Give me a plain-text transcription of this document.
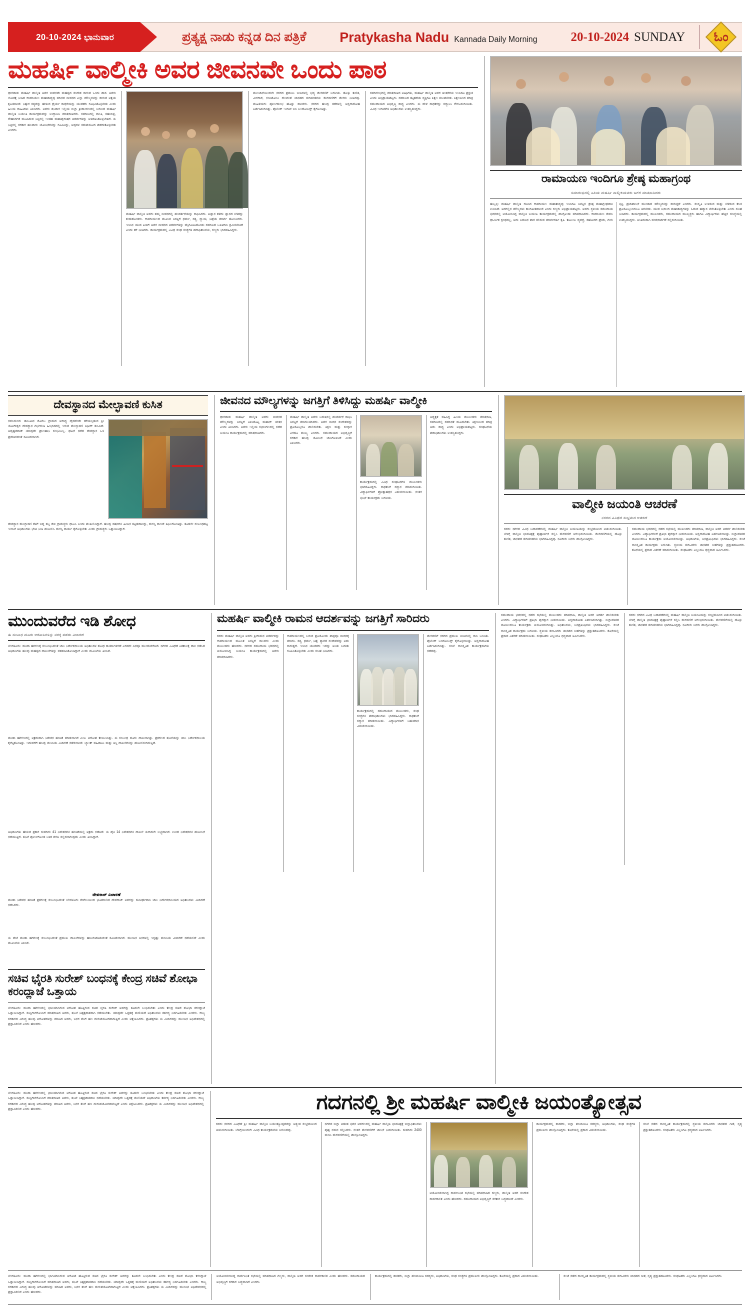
20-10-2024 ಭಾನುವಾರ	ಪ್ರತ್ಯಕ್ಷ ನಾಡು ಕನ್ನಡ ದಿನ ಪತ್ರಿಕೆ Pratykasha Nadu Kannada Daily Morning	20-10-2024 SUNDAY ಓಂ
ಮಹರ್ಷಿ ವಾಲ್ಮೀಕಿ ಅವರ ಜೀವನವೇ ಒಂದು ಪಾಠ
ಧಾರವಾಡ: ಮಹರ್ಷಿ ವಾಲ್ಮೀಕಿ ಅವರ ಜೀವನವೇ ಮಹತ್ವದ ಸಂದೇಶ ಸಾರುವ ಒಂದು ಪಾಠ. ಅವರು ಲೋಕಕ್ಕೆ ನೀಡಿದ ರಾಮಾಯಣ ಮಹಾಕಾವ್ಯವು ಮಾನವ ಜೀವನದ ಎಲ್ಲಾ ಮೌಲ್ಯಗಳನ್ನು ಸಾರುವ ಅಕ್ಷಯ ಕೃತಿಯಾಗಿದೆ. ನಿಷ್ಠುರ ಸತ್ಯವನ್ನು ಹೇಳುವ ಧೈರ್ಯ ಸಾಧನೆಯನ್ನು ಯುವಕರು ರೂಢಿಸಿಕೊಳ್ಳಬೇಕು ಎಂದು ಹಿರಿಯ ಸಾಹಿತಿಗಳು ತಿಳಿಸಿದರು. ಅವರು ಶನಿವಾರ ಇಲ್ಲಿಯ ಜಿಲ್ಲಾ ಕ್ರೀಡಾಂಗಣದಲ್ಲಿ ಜರುಗಿದ ಮಹರ್ಷಿ ವಾಲ್ಮೀಕಿ ಜಯಂತಿ ಕಾರ್ಯಕ್ರಮವನ್ನು ಉದ್ಘಾಟಿಸಿ ಮಾತನಾಡಿದರು. ಸಮಾಜದಲ್ಲಿ ಶಾಂತಿ, ಸಹಬಾಳ್ವೆ, ಸೌಹಾರ್ದತೆ ಮೂಡಿಸುವ ನಿಟ್ಟಿನಲ್ಲಿ ಇಂತಹ ಮಹಾಪುರುಷರ ಆದರ್ಶಗಳನ್ನು ಅಳವಡಿಸಿಕೊಳ್ಳಬೇಕಿದೆ. ಈ ನಿಟ್ಟಿನಲ್ಲಿ ಸರಕಾರ ಹಲವಾರು ಯೋಜನೆಗಳನ್ನು ರೂಪಿಸಿದ್ದು, ಅವುಗಳ ಸದುಪಯೋಗ ಪಡೆದುಕೊಳ್ಳಬೇಕು ಎಂದರು.
ಮಹರ್ಷಿ ವಾಲ್ಮೀಕಿ ಅವರು ತಮ್ಮ ಜೀವನದಲ್ಲಿ ಪರಿವರ್ತನೆಯನ್ನು ಸಾಧಿಸಿದರು. ಅಜ್ಞಾನ ಕಳೆದು ಜ್ಞಾನದ ಬೆಳಕನ್ನು ಕಂಡುಕೊಂಡರು. ರಾಮಾಯಣದ ಮೂಲಕ ಜಗತ್ತಿಗೆ ಧರ್ಮ, ಸತ್ಯ, ನ್ಯಾಯ, ನಿಷ್ಠೆಯ ಮಾರ್ಗ ತೋರಿಸಿದರು. ಇಂದಿನ ಯುವ ಪೀಳಿಗೆ ಅವರ ಜೀವನದ ಆದರ್ಶಗಳನ್ನು ಮೈಗೂಡಿಸಿಕೊಂಡು ಸಮಾಜದ ಒಳಿತಿಗಾಗಿ ಶ್ರಮಿಸಬೇಕಿದೆ ಎಂದು ಕರೆ ನೀಡಿದರು. ಕಾರ್ಯಕ್ರಮದಲ್ಲಿ ವಿವಿಧ ಸಂಘ ಸಂಸ್ಥೆಗಳ ಪದಾಧಿಕಾರಿಗಳು, ಗಣ್ಯರು ಭಾಗವಹಿಸಿದ್ದರು.
ಮುಂಜಾನೆಯಿಂದಲೇ ನಗರದ ಪ್ರಮುಖ ಬೀದಿಗಳಲ್ಲಿ ಭವ್ಯ ಮೆರವಣಿಗೆ ಜರುಗಿತು. ಡೊಳ್ಳು ಕುಣಿತ, ವೀರಗಾಸೆ, ನಂದಿಕೋಲು ಸೇರಿದಂತೆ ಜಾನಪದ ಕಲಾತಂಡಗಳು ಮೆರವಣಿಗೆಗೆ ಮೆರಗು ನೀಡಿದವು. ಮಹಿಳೆಯರು ಪೂರ್ಣಕುಂಭ ಹೊತ್ತು ಸಾಗಿದರು. ನಗರದ ಹಲವು ಕಡೆಗಳಲ್ಲಿ ಅನ್ನದಾಸೋಹ ಏರ್ಪಡಿಸಲಾಗಿತ್ತು. ಪೊಲೀಸ್ ಇಲಾಖೆ ಬಿಗಿ ಬಂದೋಬಸ್ತ್ ಕೈಗೊಂಡಿತ್ತು.
ಸಮಾರಂಭದಲ್ಲಿ ಮಾತನಾಡಿದ ಅತಿಥಿಗಳು, ಮಹರ್ಷಿ ವಾಲ್ಮೀಕಿ ಅವರ ಚಿಂತನೆಗಳು ಇಂದಿಗೂ ಪ್ರಸ್ತುತ ಎಂದು ಅಭಿಪ್ರಾಯಪಟ್ಟರು. ಸಮಾಜದ ಕಟ್ಟಕಡೆಯ ವ್ಯಕ್ತಿಗೂ ಶಿಕ್ಷಣ ತಲುಪಬೇಕು. ಶಿಕ್ಷಣದಿಂದ ಮಾತ್ರ ಸಮುದಾಯದ ಅಭಿವೃದ್ಧಿ ಸಾಧ್ಯ ಎಂದರು. ಈ ವೇಳೆ ಸಾಧಕರನ್ನು ಸನ್ಮಾನಿಸಿ ಗೌರವಿಸಲಾಯಿತು. ವಿವಿಧ ಇಲಾಖೆಗಳ ಅಧಿಕಾರಿಗಳು ಉಪಸ್ಥಿತರಿದ್ದರು.
ರಾಮಾಯಣ ಇಂದಿಗೂ ಶ್ರೇಷ್ಠ ಮಹಾಗ್ರಂಥ
ಸಮಾರಂಭದಲ್ಲಿ ಹಿರಿಯ ಮಹರ್ಷಿ ವಾಲ್ಮೀಕಿಯವರು ಬಗೆಗೆ ಮಾತನಾಡಿದರು
ಹುಬ್ಬಳ್ಳಿ: ಮಹರ್ಷಿ ವಾಲ್ಮೀಕಿ ರಚಿಸಿದ ರಾಮಾಯಣ ಮಹಾಕಾವ್ಯವು ಇಂದಿಗೂ ಜಗತ್ತಿನ ಶ್ರೇಷ್ಠ ಮಹಾಗ್ರಂಥವಾಗಿ ಉಳಿದಿದೆ. ಅದರಲ್ಲಿನ ಮೌಲ್ಯಗಳು ಕಾಲಾತೀತವಾಗಿವೆ ಎಂದು ಗಣ್ಯರು ಅಭಿಪ್ರಾಯಪಟ್ಟರು. ಅವರು ಸ್ಥಳೀಯ ಸಮುದಾಯ ಭವನದಲ್ಲಿ ಆಯೋಜಿಸಿದ್ದ ವಾಲ್ಮೀಕಿ ಜಯಂತಿ ಕಾರ್ಯಕ್ರಮದಲ್ಲಿ ಪಾಲ್ಗೊಂಡು ಮಾತನಾಡಿದರು. ರಾಮಾಯಣ ಕೇವಲ ಧಾರ್ಮಿಕ ಗ್ರಂಥವಲ್ಲ, ಅದು ಬದುಕಿನ ಪಾಠ ಕಲಿಸುವ ಮಾರ್ಗದರ್ಶಿ ಕೃತಿ. ಕುಟುಂಬ ವ್ಯವಸ್ಥೆ, ಸಹೋದರ ಪ್ರೇಮ, ಗುರು ಭಕ್ತಿ, ಪ್ರಜಾಪಾಲನೆ ಮುಂತಾದ ಮೌಲ್ಯಗಳನ್ನು ಸಾರುತ್ತದೆ ಎಂದರು. ಸಂಸ್ಕೃತಿ ಉಳಿಸುವ ಮತ್ತು ಬೆಳೆಸುವ ಕೆಲಸ ಪ್ರತಿಯೊಬ್ಬರಿಂದಲೂ ಆಗಬೇಕು. ಯುವ ಜನಾಂಗ ಮಹಾಕಾವ್ಯಗಳನ್ನು ಓದುವ ಹವ್ಯಾಸ ಬೆಳೆಸಿಕೊಳ್ಳಬೇಕು ಎಂದು ಸಲಹೆ ನೀಡಿದರು. ಕಾರ್ಯಕ್ರಮದಲ್ಲಿ ಮುಖಂಡರು, ಸಮುದಾಯದ ಮುಖ್ಯಸ್ಥರು ಹಾಗೂ ವಿದ್ಯಾರ್ಥಿಗಳು ಹೆಚ್ಚಿನ ಸಂಖ್ಯೆಯಲ್ಲಿ ಉಪಸ್ಥಿತರಿದ್ದರು. ಅಂತಿಮವಾಗಿ ವಂದನಾರ್ಪಣೆ ಸಲ್ಲಿಸಲಾಯಿತು.
ದೇವಸ್ಥಾನದ ಮೇಲ್ಛಾವಣಿ ಕುಸಿತ
ನವಲಗುಂದ: ತಾಲೂಕಿನ ಮೊರಬ ಗ್ರಾಮದ ಅರಾಧ್ಯ ದೈವವೆಂದೇ ಕರೆಯಲ್ಪಡುವ ಶ್ರೀ ಯೋಗೇಶ್ವರ ದೇವಸ್ಥಾನ ಗರ್ಭಗುಡಿ ಹಿಂಭಾಗದಲ್ಲಿ ಇರುವ ಮೇಲ್ಛಾವಣಿ ದಿಢೀರ್ ಕುಸಿದಿದೆ. ಅದೃಷ್ಟವಶಾತ್ ಯಾವುದೇ ಪ್ರಾಣಹಾನಿ ಸಂಭವಿಸಿಲ್ಲ. ಘಟನೆ ನಡೆದ ದೇವಸ್ಥಾನ ಒಳ ಪ್ರವೇಶಿಸದಂತೆ ಸೂಚಿಸಲಾಗಿದೆ.
ದೇವಸ್ಥಾನ ಮೇಲ್ಛಾವಣಿ ಕೆಳಗೆ ಬಿದ್ದ ಶಬ್ದ ಕೇಳಿ ಗ್ರಾಮಸ್ಥರು ಧಾವಿಸಿ ಬಂದು ಪರಿಶೀಲಿಸಿದ್ದಾರೆ. ಹಲವು ವರ್ಷಗಳ ಹಿಂದಿನ ಕಟ್ಟಡವಾಗಿದ್ದು, ದುರಸ್ತಿ ಕಾಣದೆ ಶಿಥಿಲಗೊಂಡಿತ್ತು. ಕೂಡಲೇ ಸಂಬಂಧಪಟ್ಟ ಇಲಾಖೆ ಅಧಿಕಾರಿಗಳು ಭೇಟಿ ನೀಡಿ ಪರಿಶೀಲಿಸಿ ದುರಸ್ತಿ ಕಾರ್ಯ ಕೈಗೊಳ್ಳಬೇಕು ಎಂದು ಗ್ರಾಮಸ್ಥರು ಒತ್ತಾಯಿಸಿದ್ದಾರೆ.
ಜೀವನದ ಮೌಲ್ಯಗಳನ್ನು ಜಗತ್ತಿಗೆ ತಿಳಿಸಿದ್ದು ಮಹರ್ಷಿ ವಾಲ್ಮೀಕಿ
ಧಾರವಾಡ: ಮಹರ್ಷಿ ವಾಲ್ಮೀಕಿ ಅವರು ಜೀವನದ ಮೌಲ್ಯಗಳನ್ನು ಜಗತ್ತಿಗೆ ತಿಳಿಸಿಕೊಟ್ಟ ಮಹಾನ್ ಚೇತನ ಎಂದು ತಿಳಿಸಿದರು. ಅವರು ಇಲ್ಲಿಯ ಸಭಾಂಗಣದಲ್ಲಿ ನಡೆದ ಜಯಂತಿ ಕಾರ್ಯಕ್ರಮದಲ್ಲಿ ಮಾತನಾಡಿದರು.
ಮಹರ್ಷಿ ವಾಲ್ಮೀಕಿ ಅವರು ಬದುಕಿನಲ್ಲಿ ಪರಿವರ್ತನೆ ಸಾಧಿಸಿ ಜಗತ್ತಿಗೆ ಮಾದರಿಯಾದರು. ಅವರ ಜೀವನ ಸಂದೇಶವನ್ನು ಪ್ರತಿಯೊಬ್ಬರೂ ಪಾಲಿಸಬೇಕು. ಶಿಕ್ಷಣ ಮತ್ತು ಸಂಸ್ಕಾರ ಎರಡೂ ಮುಖ್ಯ ಎಂದರು. ಸಮುದಾಯದ ಅಭಿವೃದ್ಧಿಗೆ ಸರಕಾರ ಹಲವು ಯೋಜನೆ ಜಾರಿಗೊಳಿಸಿದೆ ಎಂದು ತಿಳಿಸಿದರು.
ಕಾರ್ಯಕ್ರಮದಲ್ಲಿ ವಿವಿಧ ಸಂಘಟನೆಗಳ ಮುಖಂಡರು ಭಾಗವಹಿಸಿದ್ದರು. ಸಾಧಕರಿಗೆ ಸನ್ಮಾನ ಮಾಡಲಾಯಿತು. ವಿದ್ಯಾರ್ಥಿಗಳಿಗೆ ಪ್ರೋತ್ಸಾಹಧನ ವಿತರಿಸಲಾಯಿತು. ನಂತರ ಭಜನೆ ಕಾರ್ಯಕ್ರಮ ಜರುಗಿತು.
ಅಧ್ಯಕ್ಷತೆ ವಹಿಸಿದ್ದ ಹಿರಿಯ ಮುಖಂಡರು ಮಾತನಾಡಿ, ಸಮಾಜದಲ್ಲಿ ಸಮಾನತೆ ಮೂಡಬೇಕು. ಶಿಕ್ಷಣದಿಂದ ಮಾತ್ರ ಅದು ಸಾಧ್ಯ ಎಂದು ಅಭಿಪ್ರಾಯಪಟ್ಟರು. ಸಂಘಟನೆಯ ಪದಾಧಿಕಾರಿಗಳು ಉಪಸ್ಥಿತರಿದ್ದರು.
ವಾಲ್ಮೀಕಿ ಜಯಂತಿ ಆಚರಣೆ
ನಗರದ ವಿವಿಧೆಡೆ ಸಂಭ್ರಮದ ಆಚರಣೆ
ಗದಗ: ನಗರದ ವಿವಿಧ ಬಡಾವಣೆಗಳಲ್ಲಿ ಮಹರ್ಷಿ ವಾಲ್ಮೀಕಿ ಜಯಂತಿಯನ್ನು ಸಂಭ್ರಮದಿಂದ ಆಚರಿಸಲಾಯಿತು. ಬೆಳಿಗ್ಗೆ ವಾಲ್ಮೀಕಿ ಭಾವಚಿತ್ರಕ್ಕೆ ಪುಷ್ಪಾರ್ಚನೆ ಸಲ್ಲಿಸಿ ಮೆರವಣಿಗೆ ಆರಂಭಿಸಲಾಯಿತು. ಮೆರವಣಿಗೆಯಲ್ಲಿ ಡೊಳ್ಳು ಕುಣಿತ, ಜಾನಪದ ಕಲಾತಂಡಗಳು ಭಾಗವಹಿಸಿದ್ದವು. ನೂರಾರು ಜನರು ಪಾಲ್ಗೊಂಡಿದ್ದರು.
ಸಮುದಾಯ ಭವನದಲ್ಲಿ ನಡೆದ ಸಭೆಯಲ್ಲಿ ಮುಖಂಡರು ಮಾತನಾಡಿ, ವಾಲ್ಮೀಕಿ ಅವರ ಆದರ್ಶ ಪಾಲಿಸಬೇಕು ಎಂದರು. ವಿದ್ಯಾರ್ಥಿಗಳಿಗೆ ಪ್ರತಿಭಾ ಪುರಸ್ಕಾರ ನೀಡಲಾಯಿತು. ಅನ್ನದಾಸೋಹ ಏರ್ಪಡಿಸಲಾಗಿತ್ತು. ಜಿಲ್ಲಾಡಳಿತದ ವತಿಯಿಂದಲೂ ಕಾರ್ಯಕ್ರಮ ಆಯೋಜಿಸಲಾಗಿತ್ತು. ಅಧಿಕಾರಿಗಳು, ಜನಪ್ರತಿನಿಧಿಗಳು ಭಾಗವಹಿಸಿದ್ದರು. ಸಂಜೆ ಸಾಂಸ್ಕೃತಿಕ ಕಾರ್ಯಕ್ರಮ ಜರುಗಿತು. ಸ್ಥಳೀಯ ಕಲಾವಿದರು ಜಾನಪದ ಗೀತೆಗಳನ್ನು ಪ್ರಸ್ತುತಪಡಿಸಿದರು. ಕೊನೆಯಲ್ಲಿ ಪ್ರಸಾದ ವಿತರಣೆ ಮಾಡಲಾಯಿತು. ಸಂಘಟಕರು ಎಲ್ಲರಿಗೂ ಧನ್ಯವಾದ ಅರ್ಪಿಸಿದರು.
ಮುಂದುವರೆದ ಇಡಿ ಶೋಧ
ಈ ಸಂಬಂಧ ಮೂರು ಆರೋಪಿಗಳನ್ನು ವಶಕ್ಕೆ ಪಡೆದು ವಿಚಾರಣೆ
ಬೆಂಗಳೂರು: ಮುಡಾ ಹಗರಣಕ್ಕೆ ಸಂಬಂಧಿಸಿದಂತೆ ಜಾರಿ ನಿರ್ದೇಶನಾಲಯ ಅಧಿಕಾರಿಗಳ ಶೋಧ ಕಾರ್ಯಾಚರಣೆ ಎರಡನೇ ದಿನವೂ ಮುಂದುವರೆದಿದೆ. ನಗರದ ವಿವಿಧೆಡೆ ಏಕಕಾಲಕ್ಕೆ ದಾಳಿ ನಡೆಸಿದ ಅಧಿಕಾರಿಗಳು ಹಲವು ಮಹತ್ವದ ದಾಖಲೆಗಳನ್ನು ವಶಪಡಿಸಿಕೊಂಡಿದ್ದಾರೆ ಎಂದು ಮೂಲಗಳು ತಿಳಿಸಿವೆ.
ಮುಡಾ ಹಗರಣದಲ್ಲಿ ಅಕ್ರಮವಾಗಿ ನಿವೇಶನ ಹಂಚಿಕೆ ಮಾಡಲಾಗಿದೆ ಎಂಬ ಆರೋಪ ಕೇಳಿಬಂದಿತ್ತು. ಈ ಸಂಬಂಧ ದೂರು ದಾಖಲಾಗಿತ್ತು. ಪ್ರಕರಣದ ತನಿಖೆಯನ್ನು ಜಾರಿ ನಿರ್ದೇಶನಾಲಯ ಕೈಗೆತ್ತಿಕೊಂಡಿತ್ತು. ಇದುವರೆಗೆ ಹಲವು ಮಂದಿಯ ವಿಚಾರಣೆ ನಡೆಸಲಾಗಿದೆ. ಬ್ಯಾಂಕ್ ವಹಿವಾಟು ಮತ್ತು ಆಸ್ತಿ ದಾಖಲೆಗಳನ್ನು ಪರಿಶೀಲಿಸಲಾಗುತ್ತಿದೆ.
ಅಧಿಕಾರಿಗಳು ಹೇಳುವ ಪ್ರಕಾರ ಸುಮಾರು 41 ನಿವೇಶನಗಳ ಹಂಚಿಕೆಯಲ್ಲಿ ಅಕ್ರಮ ನಡೆದಿದೆ. ಈ ಪೈಕಿ 14 ನಿವೇಶನಗಳ ದಾಖಲೆ ಈಗಾಗಲೇ ಲಭ್ಯವಾಗಿದೆ. ಉಳಿದ ನಿವೇಶನಗಳ ಪರಿಶೀಲನೆ ನಡೆಯುತ್ತಿದೆ. ತನಿಖೆ ಪೂರ್ಣಗೊಂಡ ಬಳಿಕ ವರದಿ ಸಲ್ಲಿಸಲಾಗುವುದು ಎಂದು ತಿಳಿಸಿದ್ದಾರೆ.
ದೇವರಾಜ್ ವಿಚಾರಣೆ
ಮುಡಾ ನಿವೇಶನ ಹಂಚಿಕೆ ಪ್ರಕರಣಕ್ಕೆ ಸಂಬಂಧಿಸಿದಂತೆ ಬೆಂಗಳೂರು ಕೆಂಗೇರಿಯಿಂದ ಭೂಮಾಲೀಕ ದೇವರಾಜ್ ಅವರನ್ನು ಸುದೀರ್ಘವಾಗಿ ಜಾರಿ ನಿರ್ದೇಶನಾಲಯದ ಅಧಿಕಾರಿಗಳು ವಿಚಾರಣೆ ನಡೆಸಿದರು.
ಈ ವೇಳೆ ಮುಡಾ ಹಗರಣಕ್ಕೆ ಸಂಬಂಧಿಸಿದಂತೆ ಪ್ರಮುಖ ದಾಖಲೆಗಳನ್ನು ಹಾಜರುಪಡಿಸುವಂತೆ ಸೂಚಿಸಲಾಗಿದೆ. ಮುಂದಿನ ದಿನಗಳಲ್ಲಿ ಇನ್ನಷ್ಟು ಮಂದಿಯ ವಿಚಾರಣೆ ನಡೆಯಲಿದೆ ಎಂದು ಮೂಲಗಳು ತಿಳಿಸಿವೆ.
ಸಚಿವ ಭೈರತಿ ಸುರೇಶ್ ಬಂಧನಕ್ಕೆ ಕೇಂದ್ರ ಸಚಿವೆ ಶೋಭಾ ಕರಂದ್ಲಾಜೆ ಒತ್ತಾಯ
ಬೆಂಗಳೂರು: ಮುಡಾ ಹಗರಣದಲ್ಲಿ ಭಾಗಿಯಾಗಿರುವ ಆರೋಪ ಹೊತ್ತಿರುವ ಸಚಿವ ಭೈರತಿ ಸುರೇಶ್ ಅವರನ್ನು ಕೂಡಲೇ ಬಂಧಿಸಬೇಕು ಎಂದು ಕೇಂದ್ರ ಸಚಿವೆ ಶೋಭಾ ಕರಂದ್ಲಾಜೆ ಒತ್ತಾಯಿಸಿದ್ದಾರೆ. ಸುದ್ದಿಗಾರರೊಂದಿಗೆ ಮಾತನಾಡಿದ ಅವರು, ತನಿಖೆ ನಿಷ್ಪಕ್ಷಪಾತವಾಗಿ ನಡೆಯಬೇಕು. ಯಾವುದೇ ಒತ್ತಡಕ್ಕೆ ಮಣಿಯದೆ ಅಧಿಕಾರಿಗಳು ಕರ್ತವ್ಯ ನಿರ್ವಹಿಸಬೇಕು ಎಂದರು. ರಾಜ್ಯ ಸರಕಾರದ ವಿರುದ್ಧ ಹಲವು ಆರೋಪಗಳನ್ನು ಮಾಡಿದ ಅವರು, ಜನರ ತೆರಿಗೆ ಹಣ ದುರುಪಯೋಗವಾಗುತ್ತಿದೆ ಎಂದು ಆಕ್ಷೇಪಿಸಿದರು. ಪ್ರತಿಪಕ್ಷಗಳು ಈ ವಿಚಾರವನ್ನು ಮುಂದಿನ ಅಧಿವೇಶನದಲ್ಲಿ ಪ್ರಸ್ತಾಪಿಸಲಿವೆ ಎಂದು ಹೇಳಿದರು.
ಮಹರ್ಷಿ ವಾಲ್ಮೀಕಿ ರಾಮನ ಆದರ್ಶವನ್ನು ಜಗತ್ತಿಗೆ ಸಾರಿದರು
ಗದಗ: ಮಹರ್ಷಿ ವಾಲ್ಮೀಕಿ ಅವರು ಶ್ರೀರಾಮನ ಆದರ್ಶವನ್ನು ರಾಮಾಯಣದ ಮೂಲಕ ಜಗತ್ತಿಗೆ ಸಾರಿದರು ಎಂದು ಮುಖಂಡರು ಹೇಳಿದರು. ನಗರದ ಸಮುದಾಯ ಭವನದಲ್ಲಿ ಆಯೋಜಿಸಿದ್ದ ಜಯಂತಿ ಕಾರ್ಯಕ್ರಮದಲ್ಲಿ ಅವರು ಮಾತನಾಡಿದರು.
ರಾಮಾಯಣದಲ್ಲಿ ಬರುವ ಪ್ರತಿಯೊಂದು ಪಾತ್ರವೂ ಜೀವನಕ್ಕೆ ಮಾದರಿ. ಸತ್ಯ, ಧರ್ಮ, ನಿಷ್ಠೆ, ತ್ಯಾಗದ ಸಂದೇಶವನ್ನು ಅದು ಸಾರುತ್ತದೆ. ಇಂದಿನ ಯುವಕರು ಇದನ್ನು ಅರಿತು ಬದುಕು ರೂಪಿಸಿಕೊಳ್ಳಬೇಕು ಎಂದು ಸಲಹೆ ನೀಡಿದರು.
ಕಾರ್ಯಕ್ರಮದಲ್ಲಿ ಸಮುದಾಯದ ಮುಖಂಡರು, ಸಂಘ ಸಂಸ್ಥೆಗಳ ಪದಾಧಿಕಾರಿಗಳು ಭಾಗವಹಿಸಿದ್ದರು. ಸಾಧಕರಿಗೆ ಸನ್ಮಾನ ಮಾಡಲಾಯಿತು. ವಿದ್ಯಾರ್ಥಿಗಳಿಗೆ ಬಹುಮಾನ ವಿತರಿಸಲಾಯಿತು.
ಮೆರವಣಿಗೆ ನಗರದ ಪ್ರಮುಖ ಬೀದಿಗಳಲ್ಲಿ ಸಾಗಿ ಬಂದಿತು. ಪೊಲೀಸ್ ಬಂದೋಬಸ್ತ್ ಕೈಗೊಳ್ಳಲಾಗಿತ್ತು. ಅನ್ನದಾಸೋಹ ಏರ್ಪಡಿಸಲಾಗಿತ್ತು. ಸಂಜೆ ಸಾಂಸ್ಕೃತಿಕ ಕಾರ್ಯಕ್ರಮಗಳು ನಡೆದವು.
ಸಮುದಾಯ ಭವನದಲ್ಲಿ ನಡೆದ ಸಭೆಯಲ್ಲಿ ಮುಖಂಡರು ಮಾತನಾಡಿ, ವಾಲ್ಮೀಕಿ ಅವರ ಆದರ್ಶ ಪಾಲಿಸಬೇಕು ಎಂದರು. ವಿದ್ಯಾರ್ಥಿಗಳಿಗೆ ಪ್ರತಿಭಾ ಪುರಸ್ಕಾರ ನೀಡಲಾಯಿತು. ಅನ್ನದಾಸೋಹ ಏರ್ಪಡಿಸಲಾಗಿತ್ತು. ಜಿಲ್ಲಾಡಳಿತದ ವತಿಯಿಂದಲೂ ಕಾರ್ಯಕ್ರಮ ಆಯೋಜಿಸಲಾಗಿತ್ತು. ಅಧಿಕಾರಿಗಳು, ಜನಪ್ರತಿನಿಧಿಗಳು ಭಾಗವಹಿಸಿದ್ದರು. ಸಂಜೆ ಸಾಂಸ್ಕೃತಿಕ ಕಾರ್ಯಕ್ರಮ ಜರುಗಿತು. ಸ್ಥಳೀಯ ಕಲಾವಿದರು ಜಾನಪದ ಗೀತೆಗಳನ್ನು ಪ್ರಸ್ತುತಪಡಿಸಿದರು. ಕೊನೆಯಲ್ಲಿ ಪ್ರಸಾದ ವಿತರಣೆ ಮಾಡಲಾಯಿತು. ಸಂಘಟಕರು ಎಲ್ಲರಿಗೂ ಧನ್ಯವಾದ ಅರ್ಪಿಸಿದರು.
ಗದಗ: ನಗರದ ವಿವಿಧ ಬಡಾವಣೆಗಳಲ್ಲಿ ಮಹರ್ಷಿ ವಾಲ್ಮೀಕಿ ಜಯಂತಿಯನ್ನು ಸಂಭ್ರಮದಿಂದ ಆಚರಿಸಲಾಯಿತು. ಬೆಳಿಗ್ಗೆ ವಾಲ್ಮೀಕಿ ಭಾವಚಿತ್ರಕ್ಕೆ ಪುಷ್ಪಾರ್ಚನೆ ಸಲ್ಲಿಸಿ ಮೆರವಣಿಗೆ ಆರಂಭಿಸಲಾಯಿತು. ಮೆರವಣಿಗೆಯಲ್ಲಿ ಡೊಳ್ಳು ಕುಣಿತ, ಜಾನಪದ ಕಲಾತಂಡಗಳು ಭಾಗವಹಿಸಿದ್ದವು. ನೂರಾರು ಜನರು ಪಾಲ್ಗೊಂಡಿದ್ದರು.
ಬೆಂಗಳೂರು: ಮುಡಾ ಹಗರಣದಲ್ಲಿ ಭಾಗಿಯಾಗಿರುವ ಆರೋಪ ಹೊತ್ತಿರುವ ಸಚಿವ ಭೈರತಿ ಸುರೇಶ್ ಅವರನ್ನು ಕೂಡಲೇ ಬಂಧಿಸಬೇಕು ಎಂದು ಕೇಂದ್ರ ಸಚಿವೆ ಶೋಭಾ ಕರಂದ್ಲಾಜೆ ಒತ್ತಾಯಿಸಿದ್ದಾರೆ. ಸುದ್ದಿಗಾರರೊಂದಿಗೆ ಮಾತನಾಡಿದ ಅವರು, ತನಿಖೆ ನಿಷ್ಪಕ್ಷಪಾತವಾಗಿ ನಡೆಯಬೇಕು. ಯಾವುದೇ ಒತ್ತಡಕ್ಕೆ ಮಣಿಯದೆ ಅಧಿಕಾರಿಗಳು ಕರ್ತವ್ಯ ನಿರ್ವಹಿಸಬೇಕು ಎಂದರು. ರಾಜ್ಯ ಸರಕಾರದ ವಿರುದ್ಧ ಹಲವು ಆರೋಪಗಳನ್ನು ಮಾಡಿದ ಅವರು, ಜನರ ತೆರಿಗೆ ಹಣ ದುರುಪಯೋಗವಾಗುತ್ತಿದೆ ಎಂದು ಆಕ್ಷೇಪಿಸಿದರು. ಪ್ರತಿಪಕ್ಷಗಳು ಈ ವಿಚಾರವನ್ನು ಮುಂದಿನ ಅಧಿವೇಶನದಲ್ಲಿ ಪ್ರಸ್ತಾಪಿಸಲಿವೆ ಎಂದು ಹೇಳಿದರು.	ಗದಗನಲ್ಲಿ ಶ್ರೀ ಮಹರ್ಷಿ ವಾಲ್ಮೀಕಿ ಜಯಂತ್ಯೋತ್ಸವ
ಗದಗ: ನಗರದ ವಿವಿಧೆಡೆ ಶ್ರೀ ಮಹರ್ಷಿ ವಾಲ್ಮೀಕಿ ಜಯಂತ್ಯೋತ್ಸವವನ್ನು ಅತ್ಯಂತ ಸಂಭ್ರಮದಿಂದ ಆಚರಿಸಲಾಯಿತು. ಬೆಳಿಗ್ಗೆಯಿಂದಲೇ ವಿವಿಧ ಕಾರ್ಯಕ್ರಮಗಳು ಜರುಗಿದವು.
ನಗರದ ಜಿಲ್ಲಾ ಆಡಳಿತ ಭವನ ಆವರಣದಲ್ಲಿ ಮಹರ್ಷಿ ವಾಲ್ಮೀಕಿ ಭಾವಚಿತ್ರಕ್ಕೆ ಜಿಲ್ಲಾಧಿಕಾರಿಗಳು ಪುಷ್ಪ ನಮನ ಸಲ್ಲಿಸಿದರು. ನಂತರ ಮೆರವಣಿಗೆಗೆ ಚಾಲನೆ ನೀಡಲಾಯಿತು. ಸುಮಾರು 2400 ಮಂದಿ ಮೆರವಣಿಗೆಯಲ್ಲಿ ಪಾಲ್ಗೊಂಡಿದ್ದರು.
ಆಯೋಜಿಸಲಾಗಿದ್ದ ಸಾರ್ವಜನಿಕ ಸಭೆಯಲ್ಲಿ ಮಾತನಾಡಿದ ಗಣ್ಯರು, ವಾಲ್ಮೀಕಿ ಅವರ ಸಂದೇಶ ಸಾರ್ವಕಾಲಿಕ ಎಂದು ಹೇಳಿದರು. ಸಮುದಾಯದ ಅಭಿವೃದ್ಧಿಗೆ ಸರಕಾರ ಬದ್ಧವಾಗಿದೆ ಎಂದರು.
ಕಾರ್ಯಕ್ರಮದಲ್ಲಿ ಶಾಸಕರು, ಜಿಲ್ಲಾ ಪಂಚಾಯಿತಿ ಸದಸ್ಯರು, ಅಧಿಕಾರಿಗಳು, ಸಂಘ ಸಂಸ್ಥೆಗಳ ಪ್ರಮುಖರು ಪಾಲ್ಗೊಂಡಿದ್ದರು. ಕೊನೆಯಲ್ಲಿ ಪ್ರಸಾದ ವಿತರಿಸಲಾಯಿತು.
ಸಂಜೆ ನಡೆದ ಸಾಂಸ್ಕೃತಿಕ ಕಾರ್ಯಕ್ರಮದಲ್ಲಿ ಸ್ಥಳೀಯ ಕಲಾವಿದರು ಜಾನಪದ ಗೀತೆ, ನೃತ್ಯ ಪ್ರಸ್ತುತಪಡಿಸಿದರು. ಸಂಘಟಕರು ಎಲ್ಲರಿಗೂ ಧನ್ಯವಾದ ಅರ್ಪಿಸಿದರು.
ಬೆಂಗಳೂರು: ಮುಡಾ ಹಗರಣದಲ್ಲಿ ಭಾಗಿಯಾಗಿರುವ ಆರೋಪ ಹೊತ್ತಿರುವ ಸಚಿವ ಭೈರತಿ ಸುರೇಶ್ ಅವರನ್ನು ಕೂಡಲೇ ಬಂಧಿಸಬೇಕು ಎಂದು ಕೇಂದ್ರ ಸಚಿವೆ ಶೋಭಾ ಕರಂದ್ಲಾಜೆ ಒತ್ತಾಯಿಸಿದ್ದಾರೆ. ಸುದ್ದಿಗಾರರೊಂದಿಗೆ ಮಾತನಾಡಿದ ಅವರು, ತನಿಖೆ ನಿಷ್ಪಕ್ಷಪಾತವಾಗಿ ನಡೆಯಬೇಕು. ಯಾವುದೇ ಒತ್ತಡಕ್ಕೆ ಮಣಿಯದೆ ಅಧಿಕಾರಿಗಳು ಕರ್ತವ್ಯ ನಿರ್ವಹಿಸಬೇಕು ಎಂದರು. ರಾಜ್ಯ ಸರಕಾರದ ವಿರುದ್ಧ ಹಲವು ಆರೋಪಗಳನ್ನು ಮಾಡಿದ ಅವರು, ಜನರ ತೆರಿಗೆ ಹಣ ದುರುಪಯೋಗವಾಗುತ್ತಿದೆ ಎಂದು ಆಕ್ಷೇಪಿಸಿದರು. ಪ್ರತಿಪಕ್ಷಗಳು ಈ ವಿಚಾರವನ್ನು ಮುಂದಿನ ಅಧಿವೇಶನದಲ್ಲಿ ಪ್ರಸ್ತಾಪಿಸಲಿವೆ ಎಂದು ಹೇಳಿದರು.
ಆಯೋಜಿಸಲಾಗಿದ್ದ ಸಾರ್ವಜನಿಕ ಸಭೆಯಲ್ಲಿ ಮಾತನಾಡಿದ ಗಣ್ಯರು, ವಾಲ್ಮೀಕಿ ಅವರ ಸಂದೇಶ ಸಾರ್ವಕಾಲಿಕ ಎಂದು ಹೇಳಿದರು. ಸಮುದಾಯದ ಅಭಿವೃದ್ಧಿಗೆ ಸರಕಾರ ಬದ್ಧವಾಗಿದೆ ಎಂದರು.
ಕಾರ್ಯಕ್ರಮದಲ್ಲಿ ಶಾಸಕರು, ಜಿಲ್ಲಾ ಪಂಚಾಯಿತಿ ಸದಸ್ಯರು, ಅಧಿಕಾರಿಗಳು, ಸಂಘ ಸಂಸ್ಥೆಗಳ ಪ್ರಮುಖರು ಪಾಲ್ಗೊಂಡಿದ್ದರು. ಕೊನೆಯಲ್ಲಿ ಪ್ರಸಾದ ವಿತರಿಸಲಾಯಿತು.	ಸಂಜೆ ನಡೆದ ಸಾಂಸ್ಕೃತಿಕ ಕಾರ್ಯಕ್ರಮದಲ್ಲಿ ಸ್ಥಳೀಯ ಕಲಾವಿದರು ಜಾನಪದ ಗೀತೆ, ನೃತ್ಯ ಪ್ರಸ್ತುತಪಡಿಸಿದರು. ಸಂಘಟಕರು ಎಲ್ಲರಿಗೂ ಧನ್ಯವಾದ ಅರ್ಪಿಸಿದರು.
